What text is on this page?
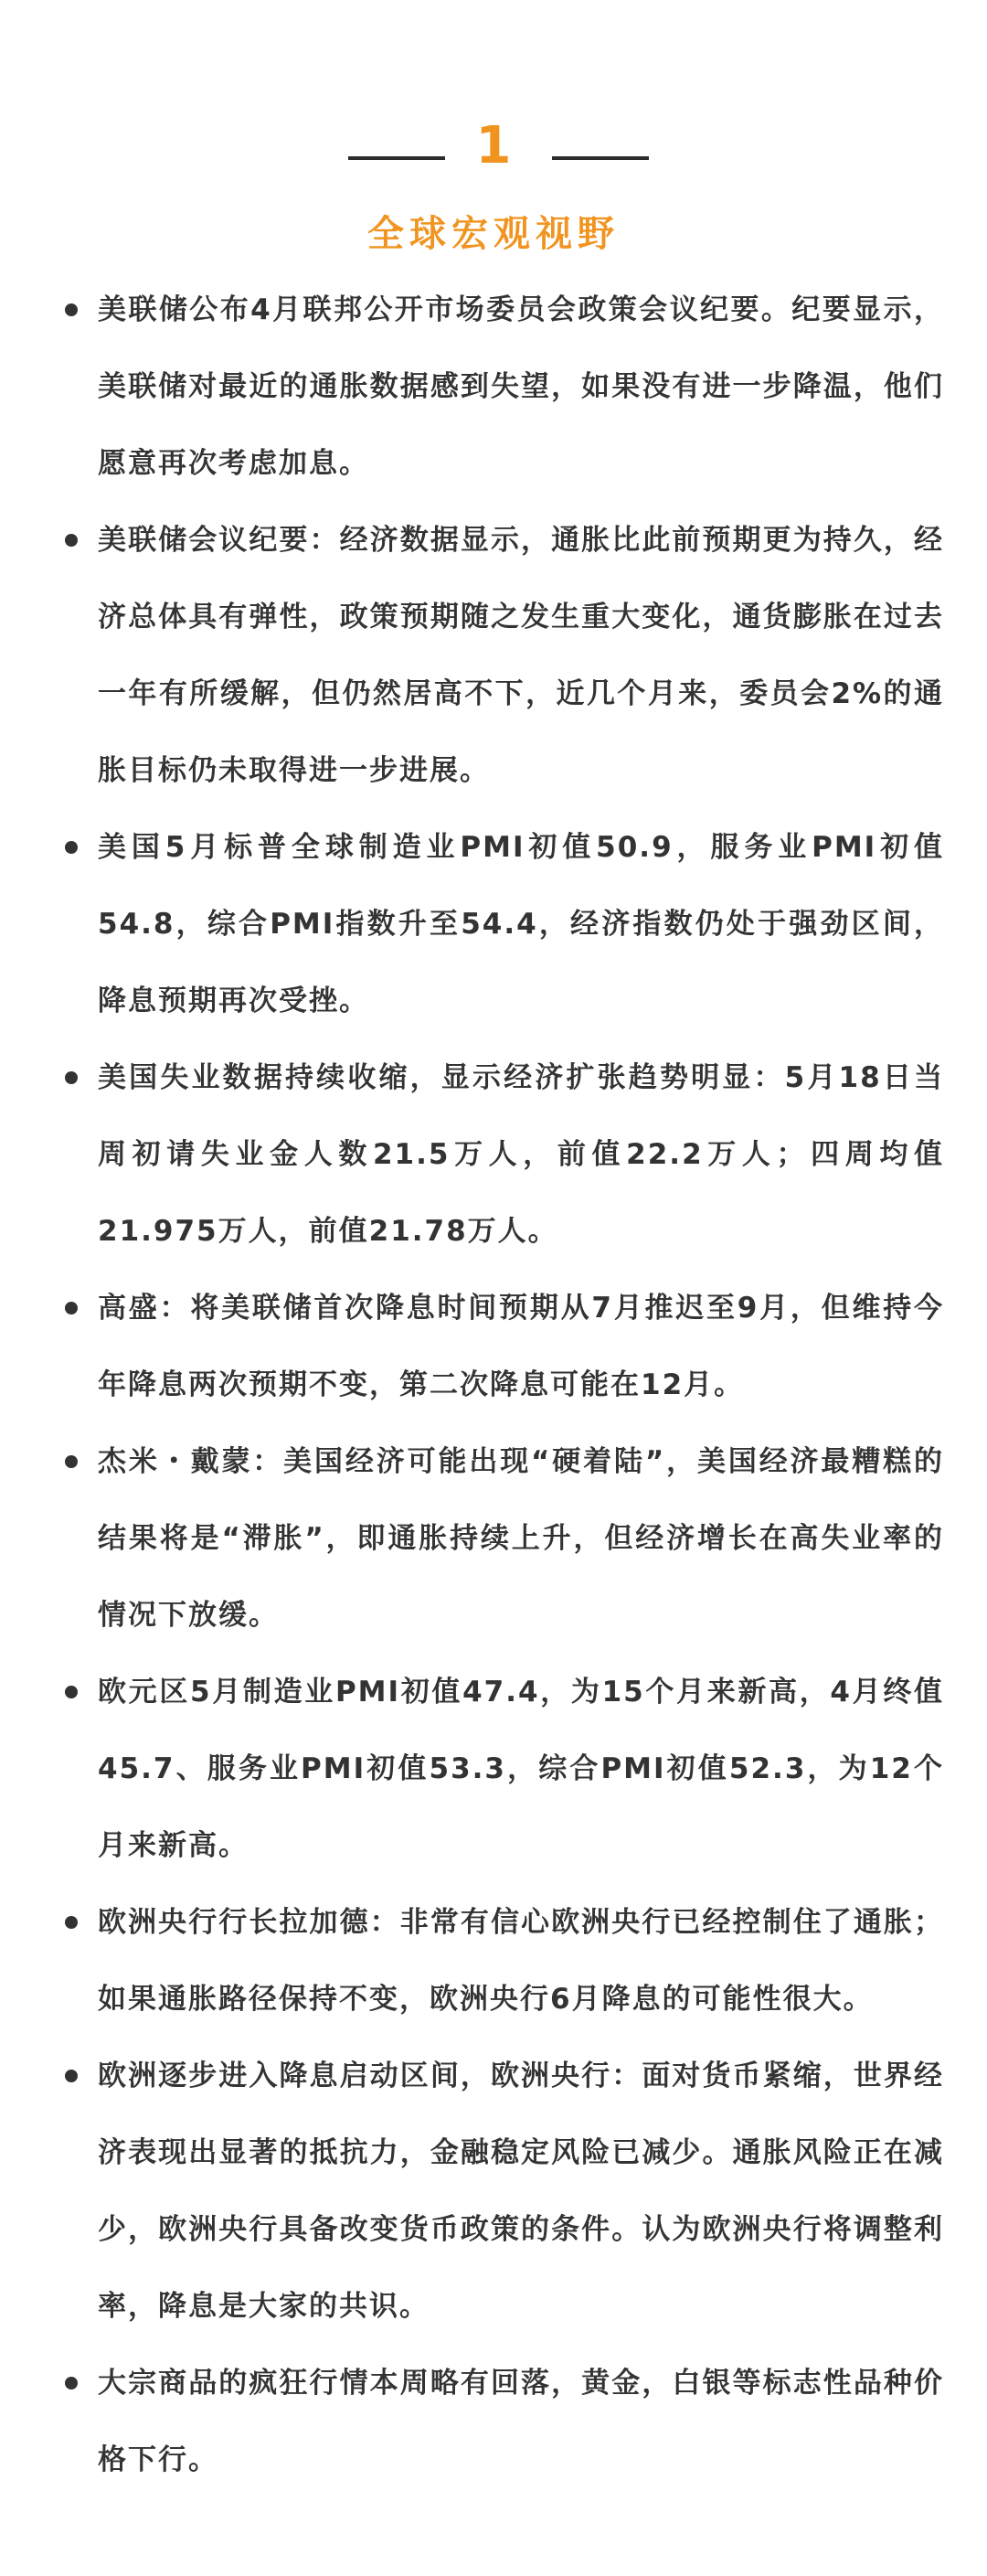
1
全球宏观视野
美联储公布4月联邦公开市场委员会政策会议纪要。纪要显示，美联储对最近的通胀数据感到失望，如果没有进一步降温，他们愿意再次考虑加息。
美联储会议纪要：经济数据显示，通胀比此前预期更为持久，经济总体具有弹性，政策预期随之发生重大变化，通货膨胀在过去一年有所缓解，但仍然居高不下，近几个月来，委员会2%的通胀目标仍未取得进一步进展。
美国5月标普全球制造业PMI初值50.9，服务业PMI初值54.8，综合PMI指数升至54.4，经济指数仍处于强劲区间，降息预期再次受挫。
美国失业数据持续收缩，显示经济扩张趋势明显：5月18日当周初请失业金人数21.5万人，前值22.2万人；四周均值21.975万人，前值21.78万人。
高盛：将美联储首次降息时间预期从7月推迟至9月，但维持今年降息两次预期不变，第二次降息可能在12月。
杰米・戴蒙：美国经济可能出现“硬着陆”，美国经济最糟糕的结果将是“滞胀”，即通胀持续上升，但经济增长在高失业率的情况下放缓。
欧元区5月制造业PMI初值47.4，为15个月来新高，4月终值45.7、服务业PMI初值53.3，综合PMI初值52.3，为12个月来新高。
欧洲央行行长拉加德：非常有信心欧洲央行已经控制住了通胀；如果通胀路径保持不变，欧洲央行6月降息的可能性很大。
欧洲逐步进入降息启动区间，欧洲央行：面对货币紧缩，世界经济表现出显著的抵抗力，金融稳定风险已减少。通胀风险正在减少，欧洲央行具备改变货币政策的条件。认为欧洲央行将调整利率，降息是大家的共识。
大宗商品的疯狂行情本周略有回落，黄金，白银等标志性品种价格下行。
